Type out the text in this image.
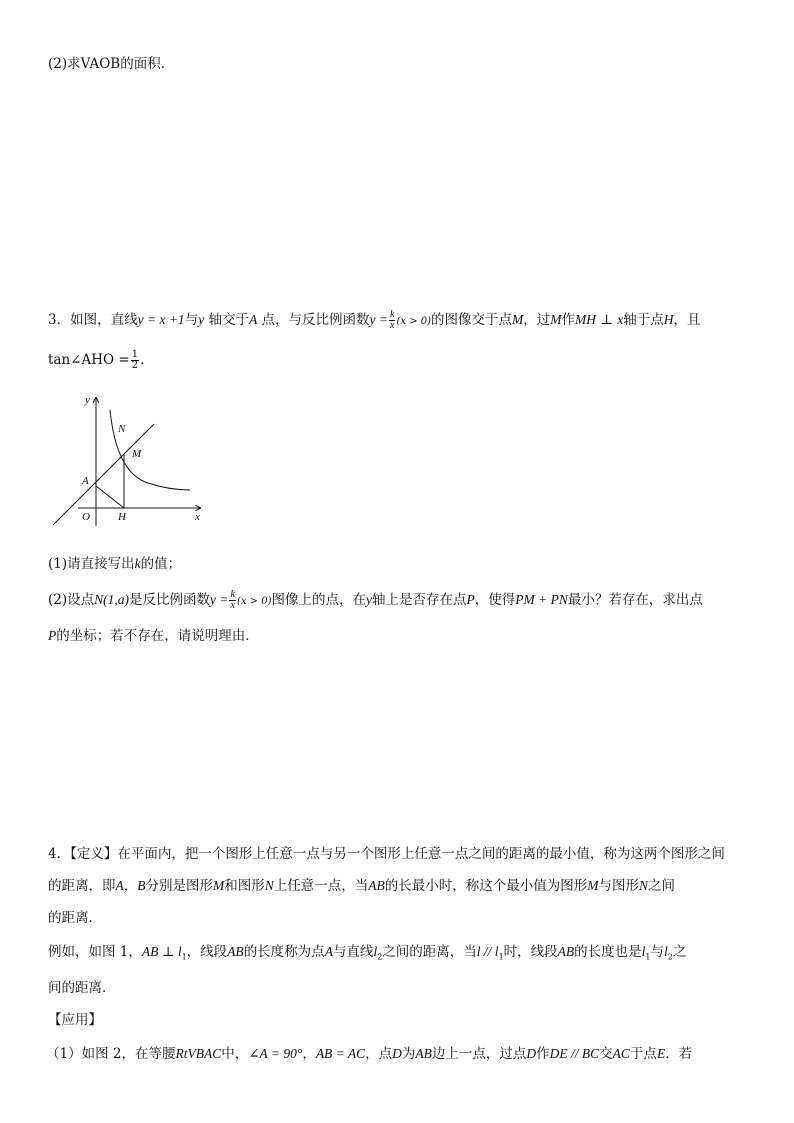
(2)求VAOB的面积．
3．如图，直线y = x +1与y 轴交于A 点，与反比例函数$y = \frac{k}{x} (x > 0)$的图像交于点M，过M作MH ⊥ x轴于点H，且
tan∠AHO = $\frac{1}{2}$ ．
y
N
M
A
O	H	x
(1)请直接写出k的值；
(2)设点N(1,a)是反比例函数$y = \frac{k}{x} (x > 0)$图像上的点，在y轴上是否存在点P，使得PM + PN最小？若存在，求出点
P的坐标；若不存在，请说明理由．
4．【定义】在平面内，把一个图形上任意一点与另一个图形上任意一点之间的距离的最小值，称为这两个图形之间
的距离，即A，B分别是图形M和图形N上任意一点，当AB的长最小时，称这个最小值为图形M与图形N之间
的距离．
例如，如图 1，AB ⊥ $l_1$，线段AB的长度称为点A与直线$l_2$之间的距离，当l // $l_1$时，线段AB的长度也是$l_1$与$l_2$之
间的距离．
【应用】
（1）如图 2，在等腰RtVBAC中，∠A = 90°，AB = AC，点D为AB边上一点，过点D作DE // BC交AC于点E．若
